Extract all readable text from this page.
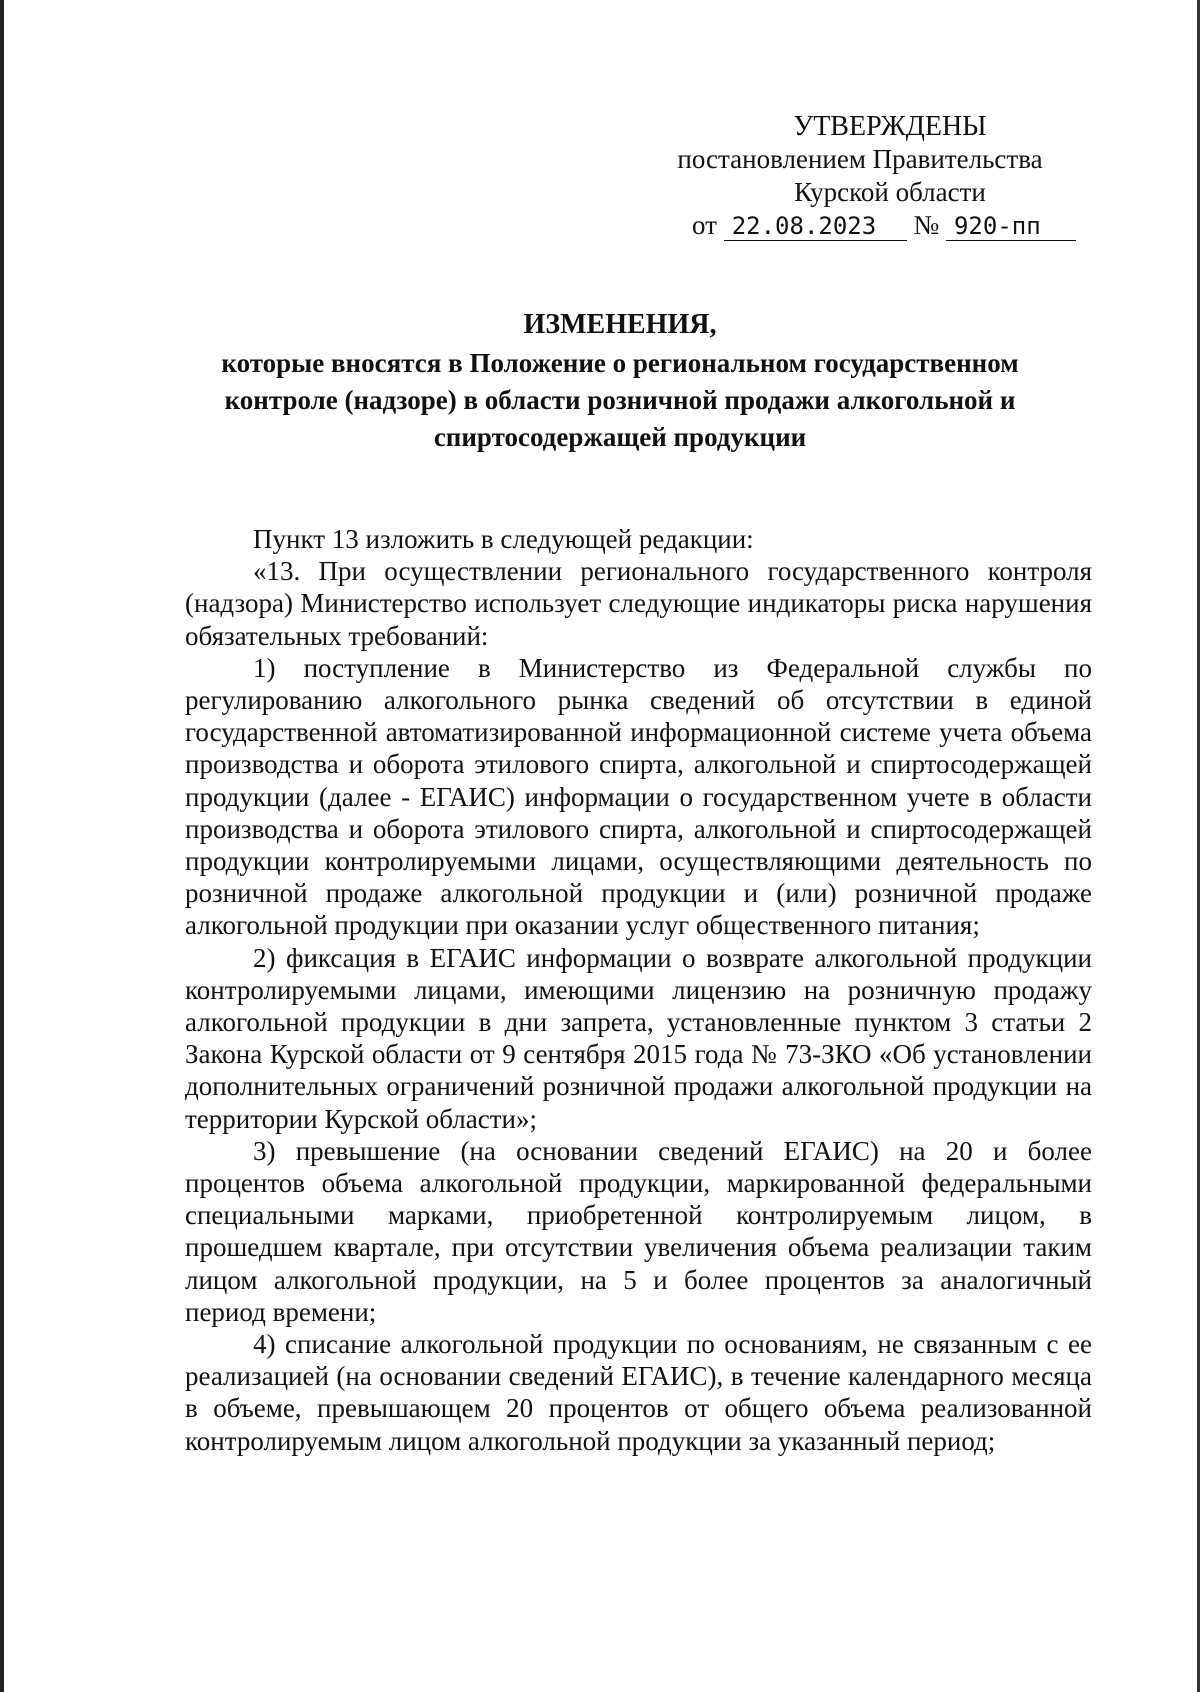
УТВЕРЖДЕНЫ
постановлением Правительства
Курской области
от 22.08.2023 № 920-пп
ИЗМЕНЕНИЯ,
которые вносятся в Положение о региональном государственном контроле (надзоре) в области розничной продажи алкогольной и спиртосодержащей продукции

Пункт 13 изложить в следующей редакции:

«13. При осуществлении регионального государственного контроля (надзора) Министерство использует следующие индикаторы риска нарушения обязательных требований:

1) поступление в Министерство из Федеральной службы по регулированию алкогольного рынка сведений об отсутствии в единой государственной автоматизированной информационной системе учета объема производства и оборота этилового спирта, алкогольной и спиртосодержащей продукции (далее - ЕГАИС) информации о государственном учете в области производства и оборота этилового спирта, алкогольной и спиртосодержащей продукции контролируемыми лицами, осуществляющими деятельность по розничной продаже алкогольной продукции и (или) розничной продаже алкогольной продукции при оказании услуг общественного питания;

2) фиксация в ЕГАИС информации о возврате алкогольной продукции контролируемыми лицами, имеющими лицензию на розничную продажу алкогольной продукции в дни запрета, установленные пунктом 3 статьи 2 Закона Курской области от 9 сентября 2015 года № 73-ЗКО «Об установлении дополнительных ограничений розничной продажи алкогольной продукции на территории Курской области»;

3) превышение (на основании сведений ЕГАИС) на 20 и более процентов объема алкогольной продукции, маркированной федеральными специальными марками, приобретенной контролируемым лицом, в прошедшем квартале, при отсутствии увеличения объема реализации таким лицом алкогольной продукции, на 5 и более процентов за аналогичный период времени;

4) списание алкогольной продукции по основаниям, не связанным с ее реализацией (на основании сведений ЕГАИС), в течение календарного месяца в объеме, превышающем 20 процентов от общего объема реализованной контролируемым лицом алкогольной продукции за указанный период;
